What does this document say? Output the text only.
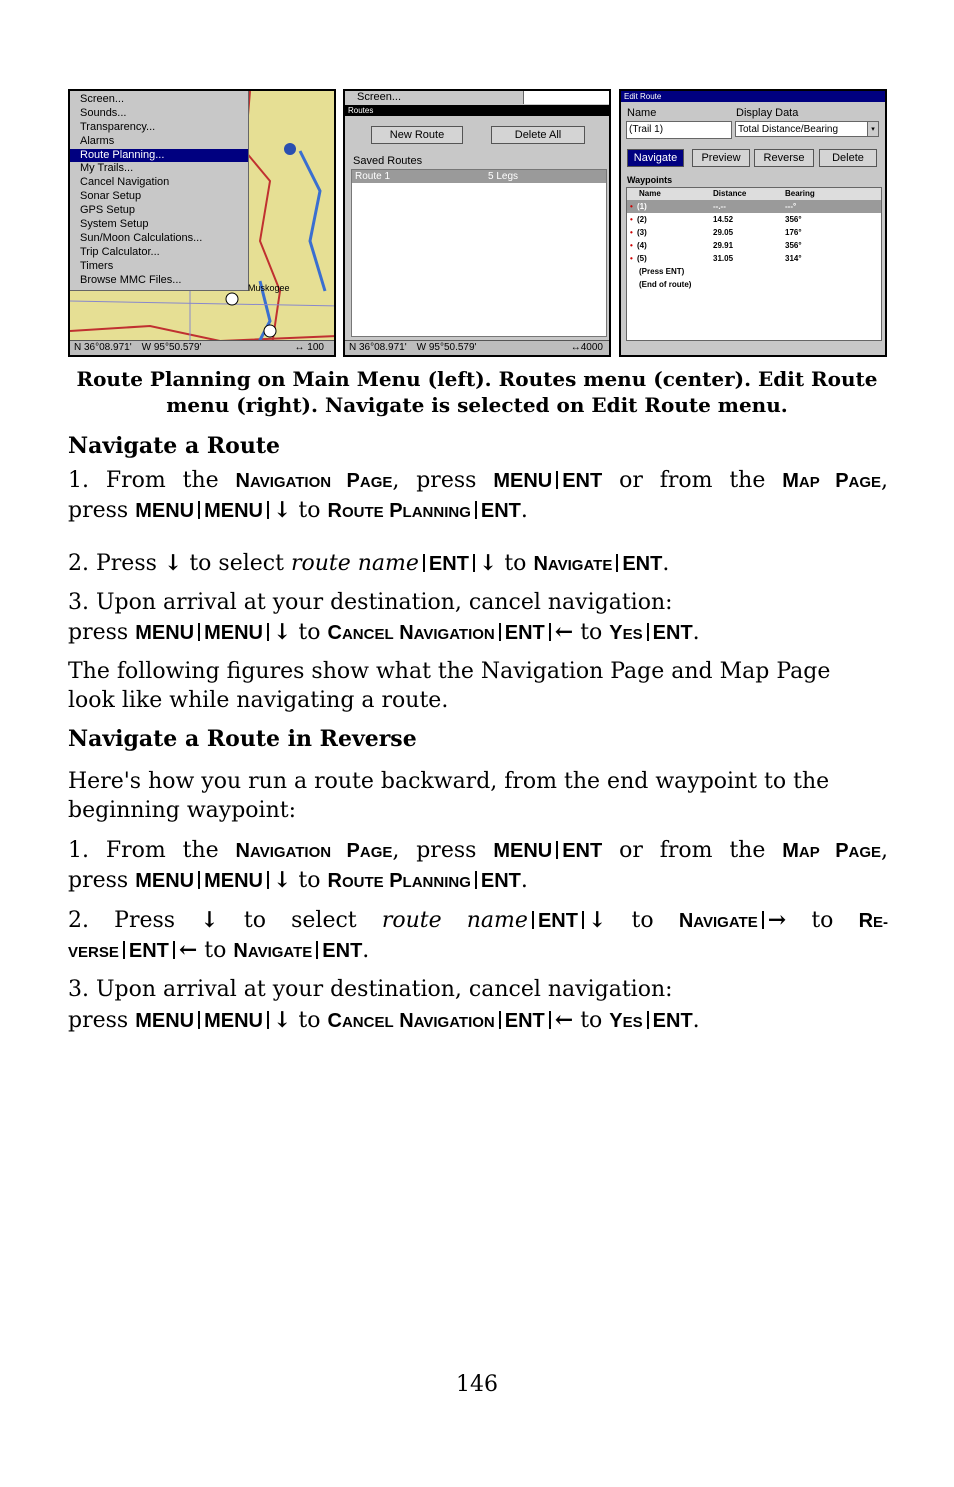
Screen...
Sounds...
Transparency...
Alarms
Route Planning...
My Trails...
Cancel Navigation
Sonar Setup
GPS Setup
System Setup
Sun/Moon Calculations...
Trip Calculator...
Timers
Browse MMC Files...
Muskogee
N 36°08.971' W 95°50.579'	↔ 100
Screen...
Routes
New Route	Delete All
Saved Routes
Route 1	5 Legs
N 36°08.971' W 95°50.579'	↔4000
Edit Route
Name	Display Data
(Trail 1)	Total Distance/Bearing	▾
Navigate	Preview	Reverse	Delete
Waypoints
Name	Distance	Bearing
• (1)	--.--	---°
• (2)	14.52	356°
• (3)	29.05	176°
• (4)	29.91	356°
• (5)	31.05	314°
(Press ENT)
(End of route)
Route Planning on Main Menu (left). Routes menu (center). Edit Route
menu (right). Navigate is selected on Edit Route menu.
Navigate a Route
1. From the NAVIGATION PAGE, press MENU ENT or from the MAP PAGE,
press MENU MENU ↓ to ROUTE PLANNING ENT.
2. Press ↓ to select route name ENT ↓ to NAVIGATE ENT.
3. Upon arrival at your destination, cancel navigation:
press MENU MENU ↓ to CANCEL NAVIGATION ENT ← to YES ENT.
The following figures show what the Navigation Page and Map Page look like while navigating a route.
Navigate a Route in Reverse
Here's how you run a route backward, from the end waypoint to the beginning waypoint:
1. From the NAVIGATION PAGE, press MENU ENT or from the MAP PAGE,
press MENU MENU ↓ to ROUTE PLANNING ENT.
2. Press ↓ to select route name ENT ↓ to NAVIGATE → to RE-
VERSE ENT ← to NAVIGATE ENT.
3. Upon arrival at your destination, cancel navigation:
press MENU MENU ↓ to CANCEL NAVIGATION ENT ← to YES ENT.
146
